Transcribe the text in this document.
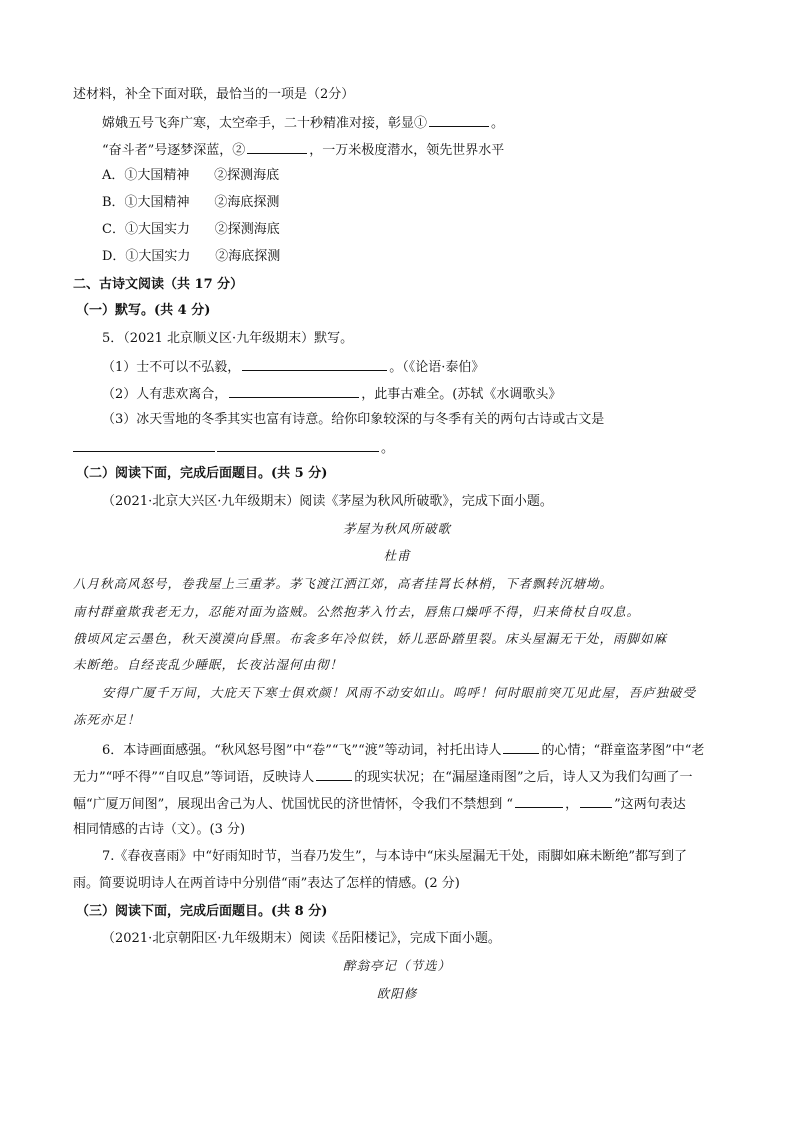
述材料，补全下面对联，最恰当的一项是（2分）
嫦娥五号飞奔广寒，太空牵手，二十秒精准对接，彰显①	。
“奋斗者”号逐梦深蓝，②	，一万米极度潜水，领先世界水平
A．①大国精神      ②探测海底
B．①大国精神      ②海底探测
C．①大国实力      ②探测海底
D．①大国实力      ②海底探测
二、古诗文阅读（共 17 分）
（一）默写。(共 4 分)
5．（2021 北京顺义区·九年级期末）默写。
（1）士不可以不弘毅，	。（《论语·泰伯》
（2）人有悲欢离合，	，此事古难全。(苏轼《水调歌头》
（3）冰天雪地的冬季其实也富有诗意。给你印象较深的与冬季有关的两句古诗或古文是
。
（二）阅读下面，完成后面题目。(共 5 分)
（2021·北京大兴区·九年级期末）阅读《茅屋为秋风所破歌》，完成下面小题。
茅屋为秋风所破歌
杜甫
八月秋高风怒号，卷我屋上三重茅。茅飞渡江洒江郊，高者挂罥长林梢，下者飘转沉塘坳。
南村群童欺我老无力，忍能对面为盗贼。公然抱茅入竹去，唇焦口燥呼不得，归来倚杖自叹息。
俄顷风定云墨色，秋天漠漠向昏黑。布衾多年冷似铁，娇儿恶卧踏里裂。床头屋漏无干处，雨脚如麻
未断绝。自经丧乱少睡眠，长夜沾湿何由彻！
安得广厦千万间，大庇天下寒士俱欢颜！风雨不动安如山。呜呼！何时眼前突兀见此屋，吾庐独破受
冻死亦足！
6．本诗画面感强。“秋风怒号图”中“卷”“飞”“渡”等动词，衬托出诗人	的心情；“群童盗茅图”中“老
无力”“呼不得”“自叹息”等词语，反映诗人	的现实状况；在“漏屋逢雨图”之后，诗人又为我们勾画了一
幅“广厦万间图”，展现出舍己为人、忧国忧民的济世情怀，令我们不禁想到 “	，	”这两句表达
相同情感的古诗（文）。(3 分)
7.《春夜喜雨》中“好雨知时节，当春乃发生”，与本诗中“床头屋漏无干处，雨脚如麻未断绝”都写到了
雨。简要说明诗人在两首诗中分别借“雨”表达了怎样的情感。(2 分)
（三）阅读下面，完成后面题目。(共 8 分)
（2021·北京朝阳区·九年级期末）阅读《岳阳楼记》，完成下面小题。
醉翁亭记（节选）
欧阳修
